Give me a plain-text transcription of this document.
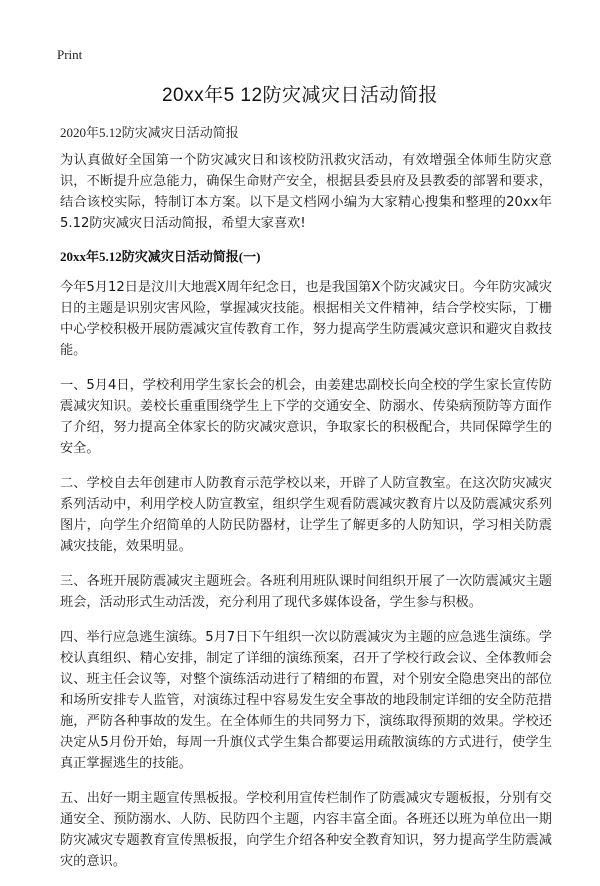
Print
20xx年5 12防灾减灾日活动简报
2020年5.12防灾减灾日活动简报

为认真做好全国第一个防灾减灾日和该校防汛救灾活动，有效增强全体师生防灾意识，不断提升应急能力，确保生命财产安全，根据县委县府及县教委的部署和要求，结合该校实际，特制订本方案。以下是文档网小编为大家精心搜集和整理的20xx年5.12防灾减灾日活动简报，希望大家喜欢!

20xx年5.12防灾减灾日活动简报(一)

今年5月12日是汶川大地震X周年纪念日，也是我国第X个防灾减灾日。今年防灾减灾日的主题是识别灾害风险，掌握减灾技能。根据相关文件精神，结合学校实际，丁栅中心学校积极开展防震减灾宣传教育工作，努力提高学生防震减灾意识和避灾自救技能。

一、5月4日，学校利用学生家长会的机会，由姜建忠副校长向全校的学生家长宣传防震减灾知识。姜校长重重围绕学生上下学的交通安全、防溺水、传染病预防等方面作了介绍，努力提高全体家长的防灾减灾意识，争取家长的积极配合，共同保障学生的安全。

二、学校自去年创建市人防教育示范学校以来，开辟了人防宣教室。在这次防灾减灾系列活动中，利用学校人防宣教室，组织学生观看防震减灾教育片以及防震减灾系列图片，向学生介绍简单的人防民防器材，让学生了解更多的人防知识，学习相关防震减灾技能，效果明显。

三、各班开展防震减灾主题班会。各班利用班队课时间组织开展了一次防震减灾主题班会，活动形式生动活泼，充分利用了现代多媒体设备，学生参与积极。

四、举行应急逃生演练。5月7日下午组织一次以防震减灾为主题的应急逃生演练。学校认真组织、精心安排，制定了详细的演练预案，召开了学校行政会议、全体教师会议、班主任会议等，对整个演练活动进行了精细的布置，对个别安全隐患突出的部位和场所安排专人监管，对演练过程中容易发生安全事故的地段制定详细的安全防范措施，严防各种事故的发生。在全体师生的共同努力下，演练取得预期的效果。学校还决定从5月份开始，每周一升旗仪式学生集合都要运用疏散演练的方式进行，使学生真正掌握逃生的技能。

五、出好一期主题宣传黑板报。学校利用宣传栏制作了防震减灾专题板报，分别有交通安全、预防溺水、人防、民防四个主题，内容丰富全面。各班还以班为单位出一期防灾减灾专题教育宣传黑板报，向学生介绍各种安全教育知识，努力提高学生防震减灾的意识。
